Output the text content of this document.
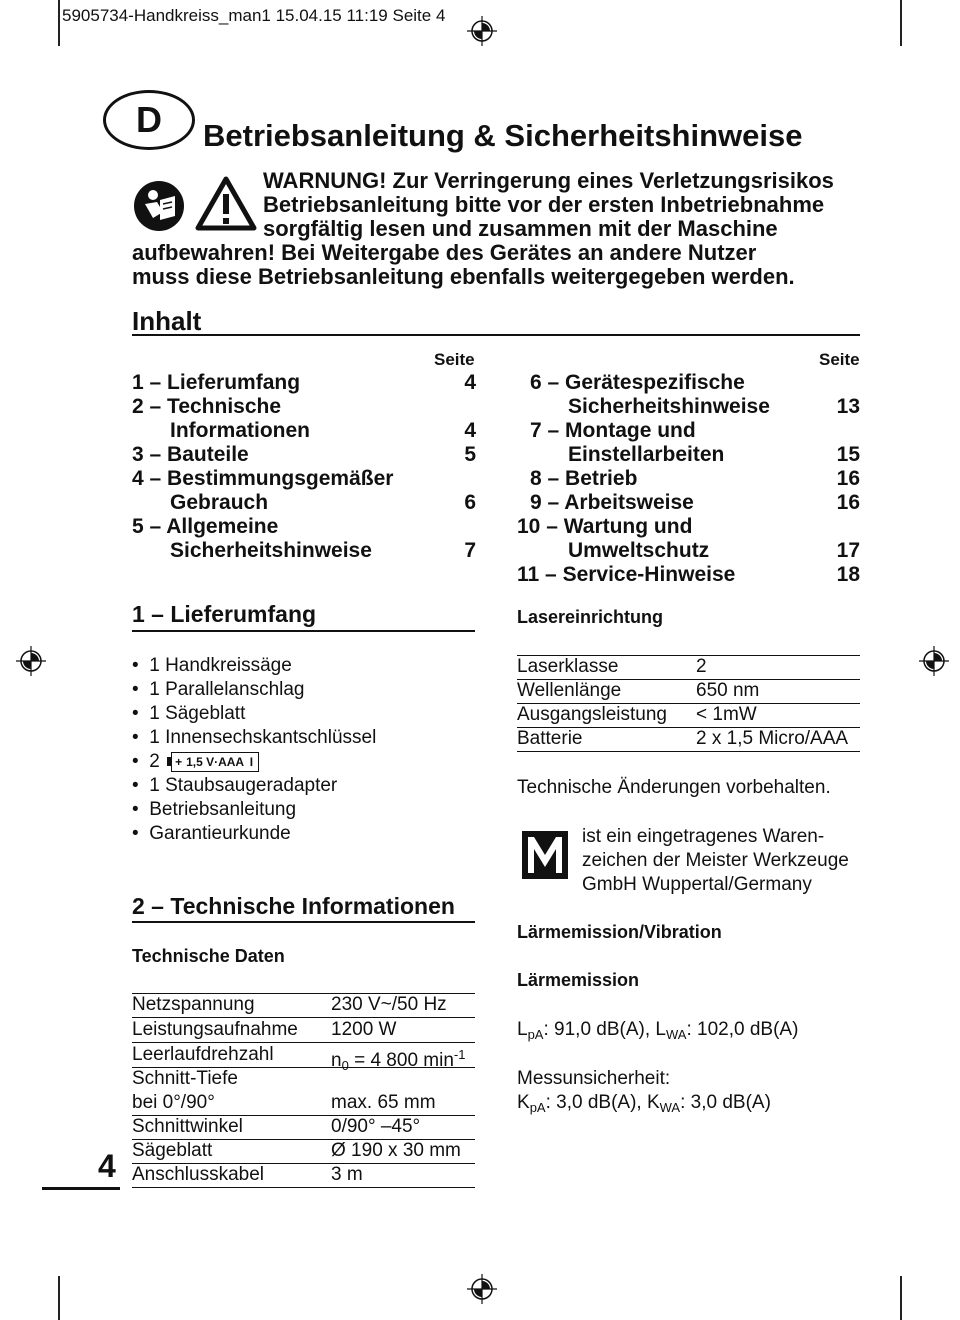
5905734-Handkreiss_man1 15.04.15 11:19 Seite 4
D	Betriebsanleitung & Sicherheitshinweise
WARNUNG! Zur Verringerung eines Verletzungsrisikos
Betriebsanleitung bitte vor der ersten Inbetriebnahme
sorgfältig lesen und zusammen mit der Maschine
aufbewahren! Bei Weitergabe des Gerätes an andere Nutzer
muss diese Betriebsanleitung ebenfalls weitergegeben werden.
Inhalt
Seite	Seite
1 – Lieferumfang	4
2 – Technische
Informationen	4
3 – Bauteile	5
4 – Bestimmungsgemäßer
Gebrauch	6
5 – Allgemeine
Sicherheitshinweise	7
6 – Gerätespezifische
Sicherheitshinweise	13
7 – Montage und
Einstellarbeiten	15
8 – Betrieb	16
9 – Arbeitsweise	16
10 – Wartung und
Umweltschutz	17
11 – Service-Hinweise	18
1 – Lieferumfang
•  1 Handkreissäge
•  1 Parallelanschlag
•  1 Sägeblatt
•  1 Innensechskantschlüssel
•  2 + 1,5 V·AAA I
•  1 Staubsaugeradapter
•  Betriebsanleitung
•  Garantieurkunde
2 – Technische Informationen
Technische Daten
Netzspannung	230 V~/50 Hz
Leistungsaufnahme 1200 W
Leerlaufdrehzahl	$n_0 = 4$ 800 $\min^{-1}$
Schnitt-Tiefe
bei 0°/90°	max. 65 mm
Schnittwinkel	0/90° –45°
Sägeblatt	Ø 190 x 30 mm
Anschlusskabel	3 m
4
Lasereinrichtung
Laserklasse	2
Wellenlänge	650 nm
Ausgangsleistung < 1mW
Batterie	2 x 1,5 Micro/AAA
Technische Änderungen vorbehalten.
ist ein eingetragenes Waren-
zeichen der Meister Werkzeuge
GmbH Wuppertal/Germany
Lärmemission/Vibration
Lärmemission
$L_{pA}$: 91,0 dB(A), $L_{WA}$: 102,0 dB(A)
Messunsicherheit:
$K_{pA}$: 3,0 dB(A), $K_{WA}$: 3,0 dB(A)
